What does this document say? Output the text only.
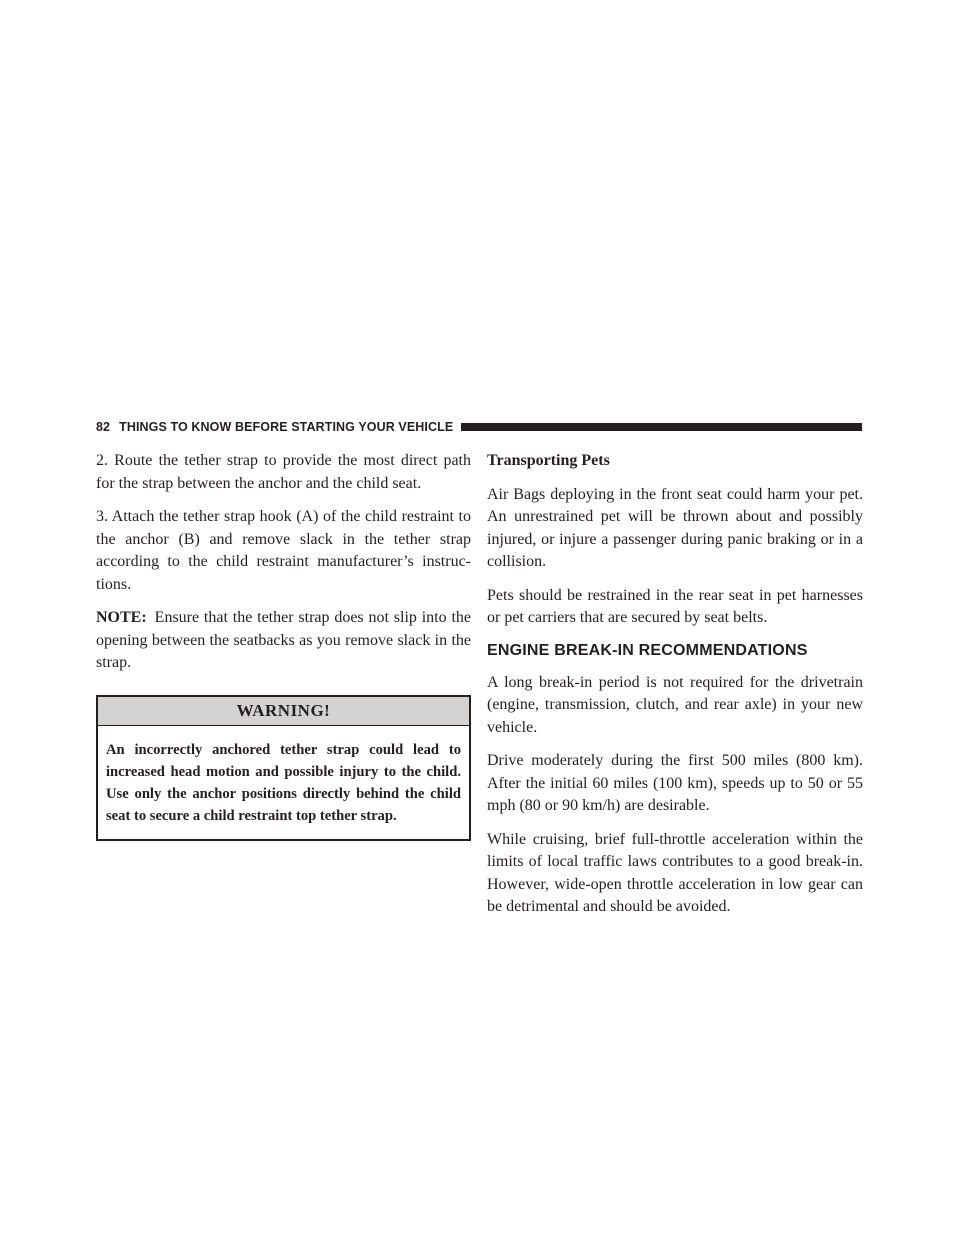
82 THINGS TO KNOW BEFORE STARTING YOUR VEHICLE

2. Route the tether strap to provide the most direct path for the strap between the anchor and the child seat.

3. Attach the tether strap hook (A) of the child restraint to the anchor (B) and remove slack in the tether strap according to the child restraint manufacturer’s instruc-tions.

NOTE: Ensure that the tether strap does not slip into the opening between the seatbacks as you remove slack in the strap.

WARNING!
An incorrectly anchored tether strap could lead to increased head motion and possible injury to the child. Use only the anchor positions directly behind the child seat to secure a child restraint top tether strap.

Transporting Pets

Air Bags deploying in the front seat could harm your pet. An unrestrained pet will be thrown about and possibly injured, or injure a passenger during panic braking or in a collision.

Pets should be restrained in the rear seat in pet harnesses or pet carriers that are secured by seat belts.

ENGINE BREAK-IN RECOMMENDATIONS

A long break-in period is not required for the drivetrain (engine, transmission, clutch, and rear axle) in your new vehicle.

Drive moderately during the first 500 miles (800 km). After the initial 60 miles (100 km), speeds up to 50 or 55 mph (80 or 90 km/h) are desirable.

While cruising, brief full-throttle acceleration within the limits of local traffic laws contributes to a good break-in. However, wide-open throttle acceleration in low gear can be detrimental and should be avoided.
